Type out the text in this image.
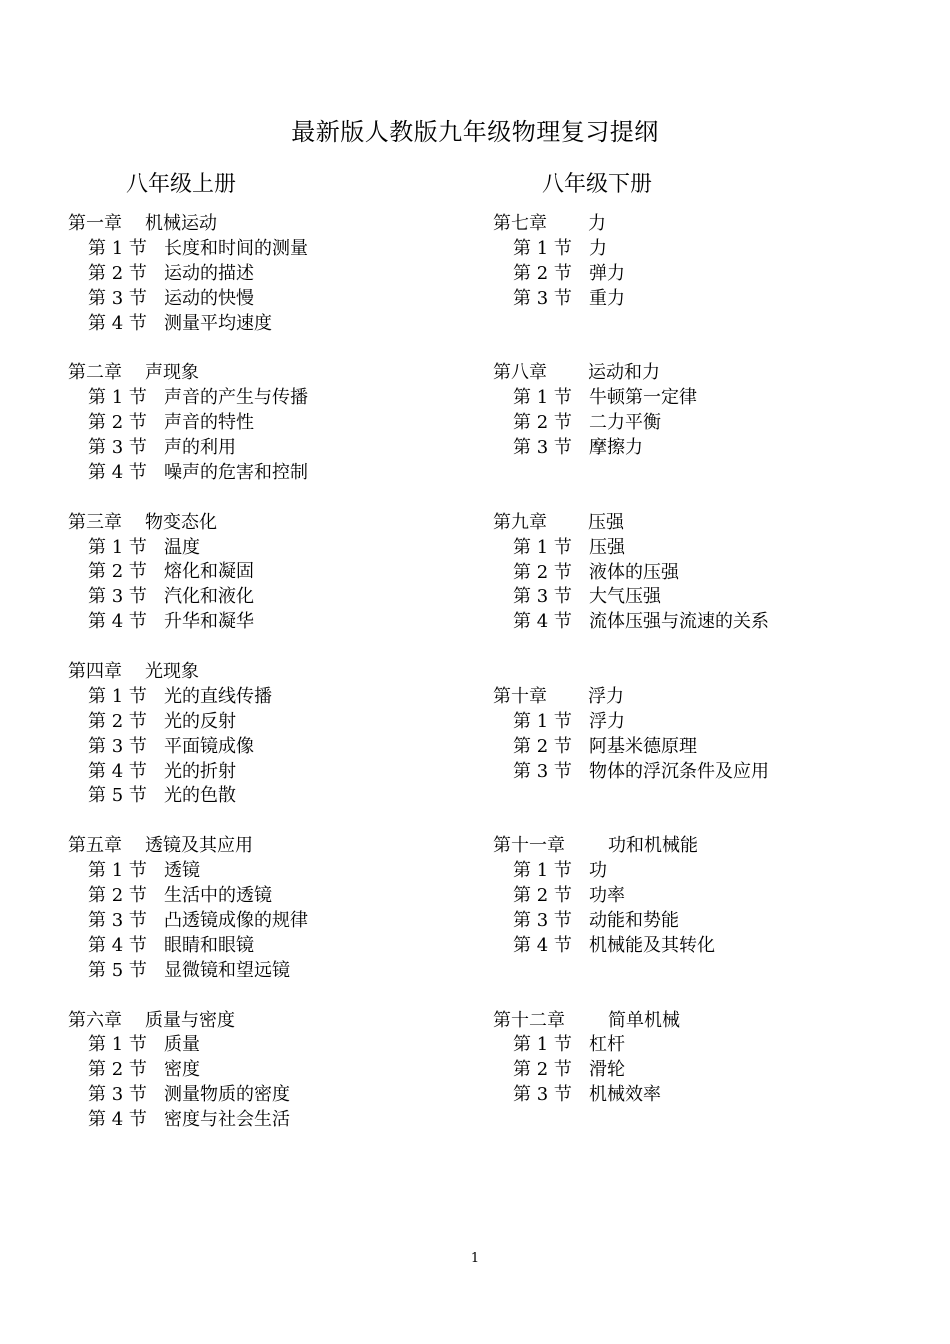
最新版人教版九年级物理复习提纲
八年级上册	八年级下册
第一章 机械运动
第 1 节 长度和时间的测量
第 2 节 运动的描述
第 3 节 运动的快慢
第 4 节 测量平均速度
第二章 声现象
第 1 节 声音的产生与传播
第 2 节 声音的特性
第 3 节 声的利用
第 4 节 噪声的危害和控制
第三章 物变态化
第 1 节 温度
第 2 节 熔化和凝固
第 3 节 汽化和液化
第 4 节 升华和凝华
第四章 光现象
第 1 节 光的直线传播
第 2 节 光的反射
第 3 节 平面镜成像
第 4 节 光的折射
第 5 节 光的色散
第五章 透镜及其应用
第 1 节 透镜
第 2 节 生活中的透镜
第 3 节 凸透镜成像的规律
第 4 节 眼睛和眼镜
第 5 节 显微镜和望远镜
第六章 质量与密度
第 1 节 质量
第 2 节 密度
第 3 节 测量物质的密度
第 4 节 密度与社会生活
第七章 力
第 1 节 力
第 2 节 弹力
第 3 节 重力
第八章 运动和力
第 1 节 牛顿第一定律
第 2 节 二力平衡
第 3 节 摩擦力
第九章 压强
第 1 节 压强
第 2 节 液体的压强
第 3 节 大气压强
第 4 节 流体压强与流速的关系
第十章 浮力
第 1 节 浮力
第 2 节 阿基米德原理
第 3 节 物体的浮沉条件及应用
第十一章 功和机械能
第 1 节 功
第 2 节 功率
第 3 节 动能和势能
第 4 节 机械能及其转化
第十二章 简单机械
第 1 节 杠杆
第 2 节 滑轮
第 3 节 机械效率
1
